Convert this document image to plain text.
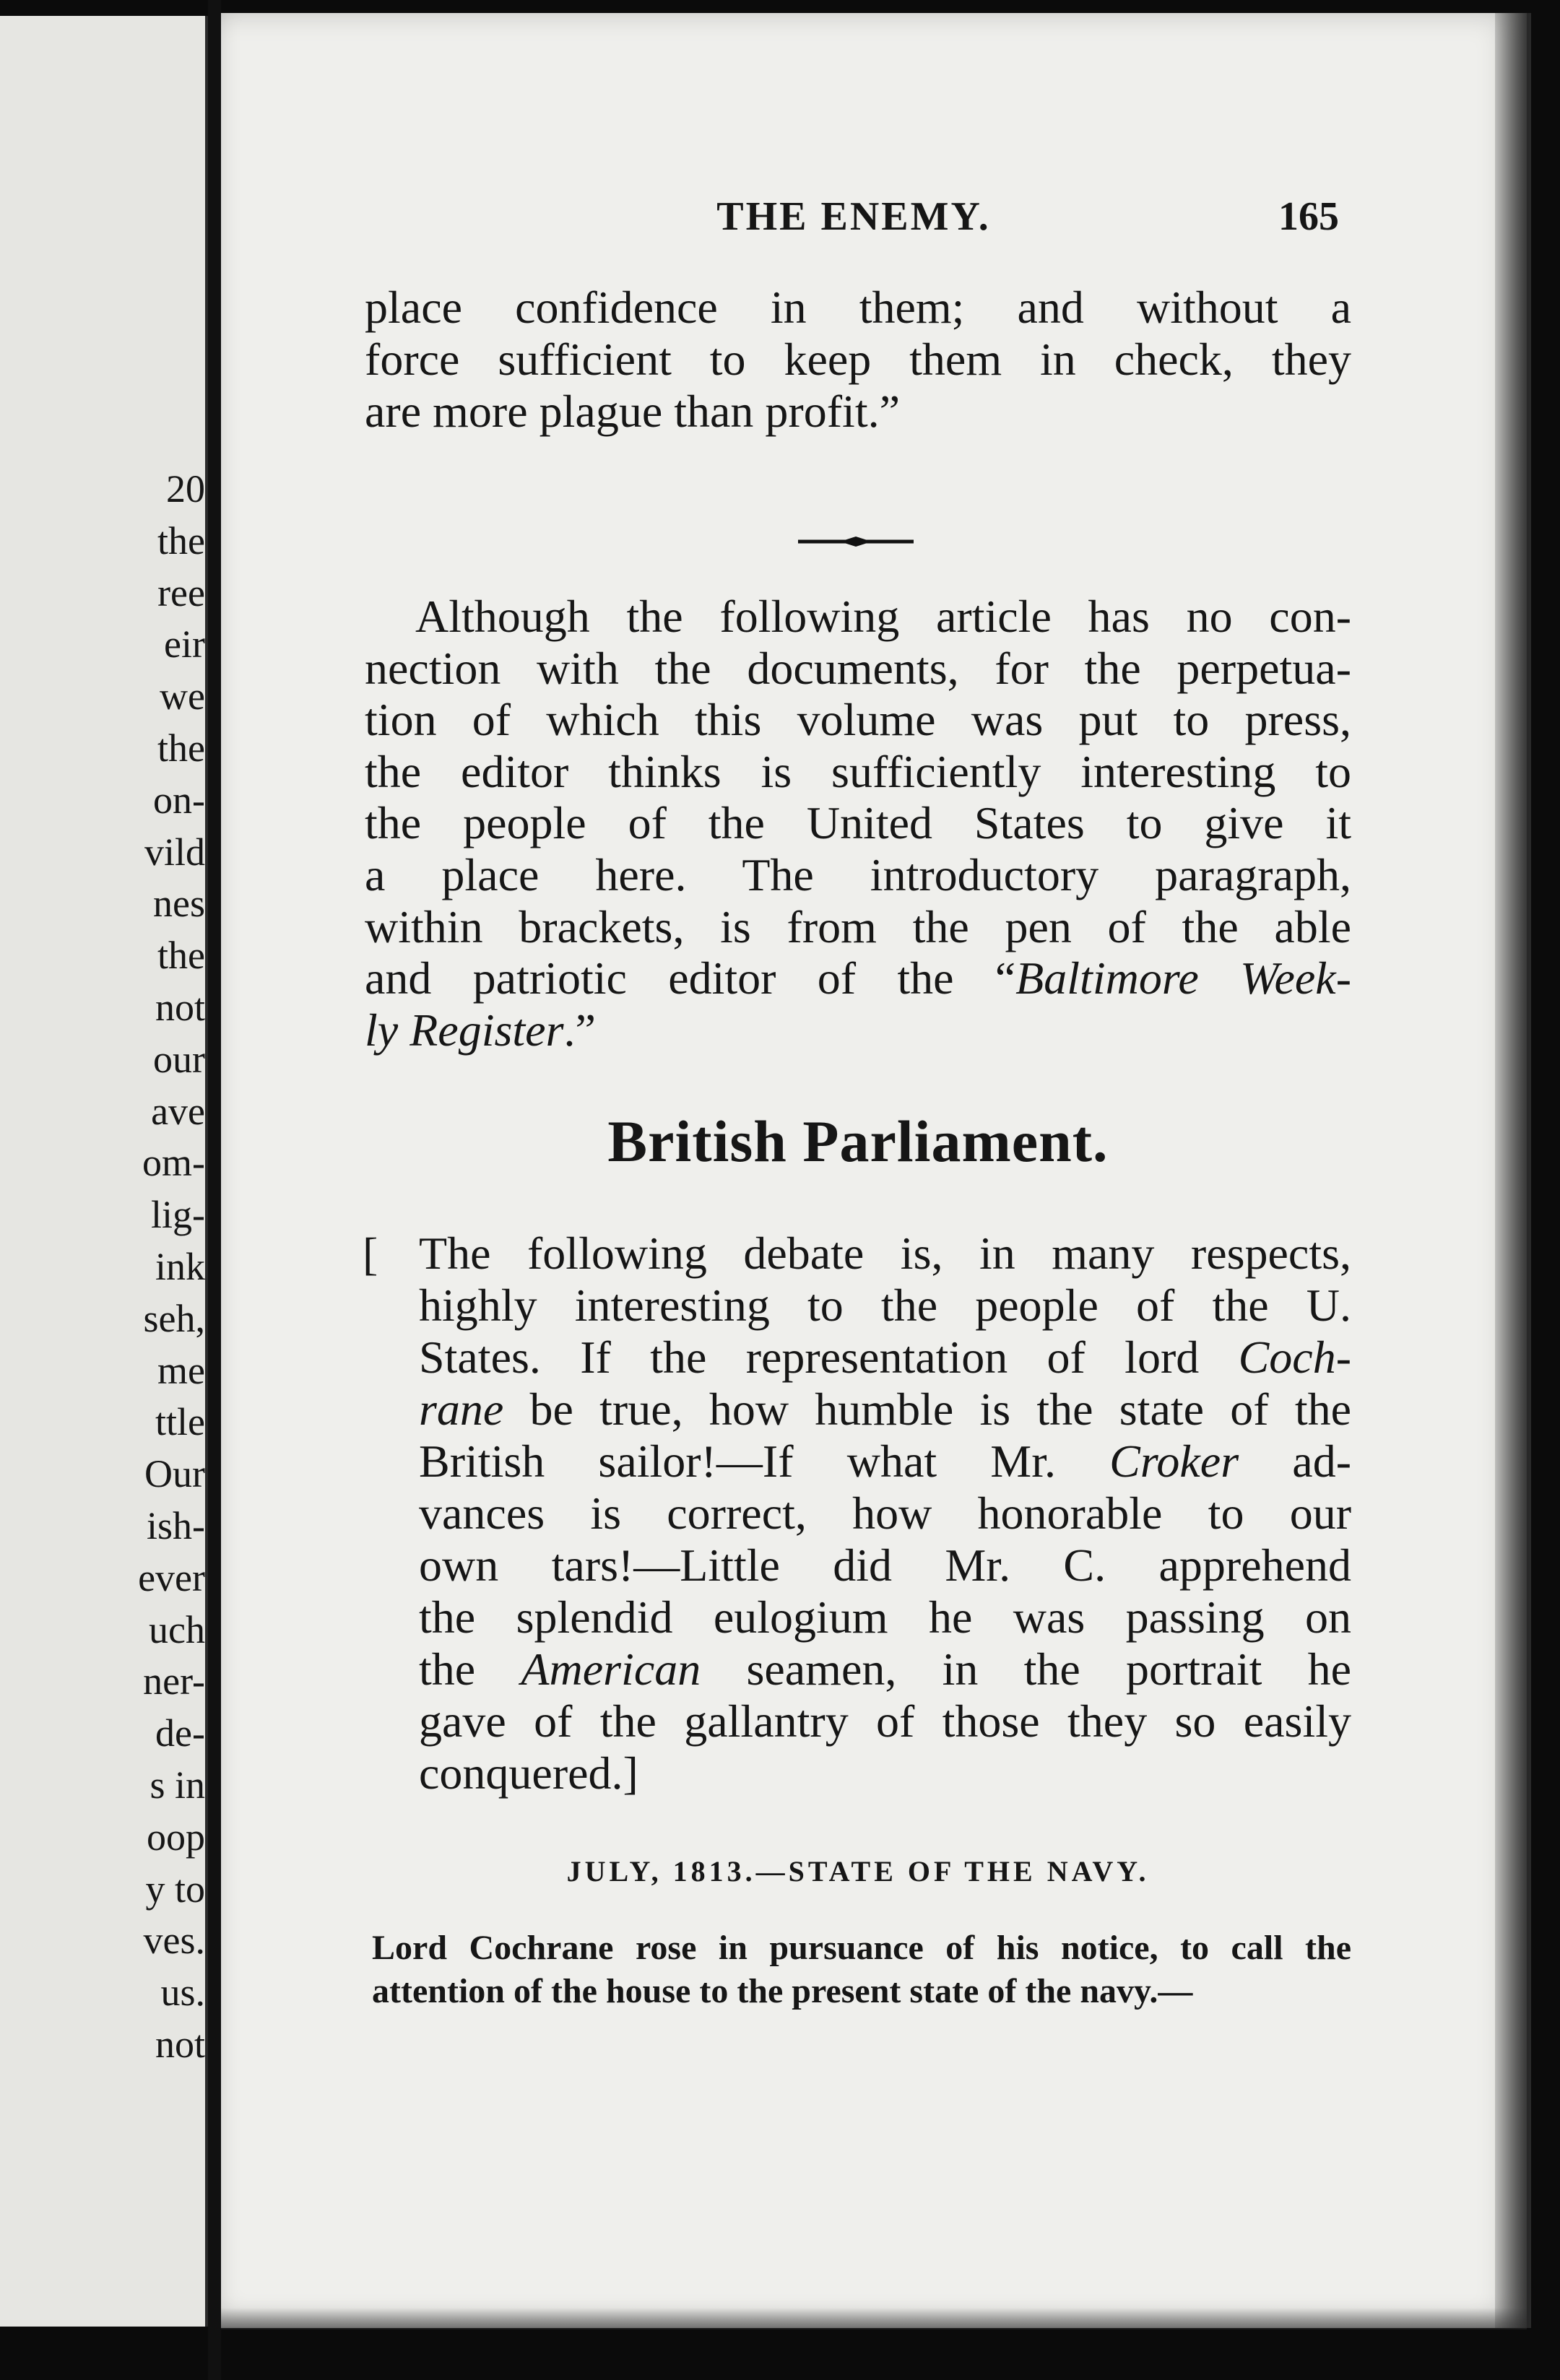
20
the
ree
eir
we
the
on-
vild
nes
the
not
our
ave
om-
lig-
ink
seh,
me
ttle
Our
ish-
ever
uch
ner-
de-
s in
oop
y to
ves.
us.
not
THE ENEMY.	165
place confidence in them; and without a
force sufficient to keep them in check, they
are more plague than profit.”
Although the following article has no con-
nection with the documents, for the perpetua-
tion of which this volume was put to press,
the editor thinks is sufficiently interesting to
the people of the United States to give it
a place here. The introductory paragraph,
within brackets, is from the pen of the able
and patriotic editor of the “Baltimore Week-
ly Register.”
British Parliament.
[ The following debate is, in many respects,
highly interesting to the people of the U.
States. If the representation of lord Coch-
rane be true, how humble is the state of the
British sailor!—If what Mr. Croker ad-
vances is correct, how honorable to our
own tars!—Little did Mr. C. apprehend
the splendid eulogium he was passing on
the American seamen, in the portrait he
gave of the gallantry of those they so easily
conquered.]
JULY, 1813.—STATE OF THE NAVY.
Lord Cochrane rose in pursuance of his notice, to call the
attention of the house to the present state of the navy.—
